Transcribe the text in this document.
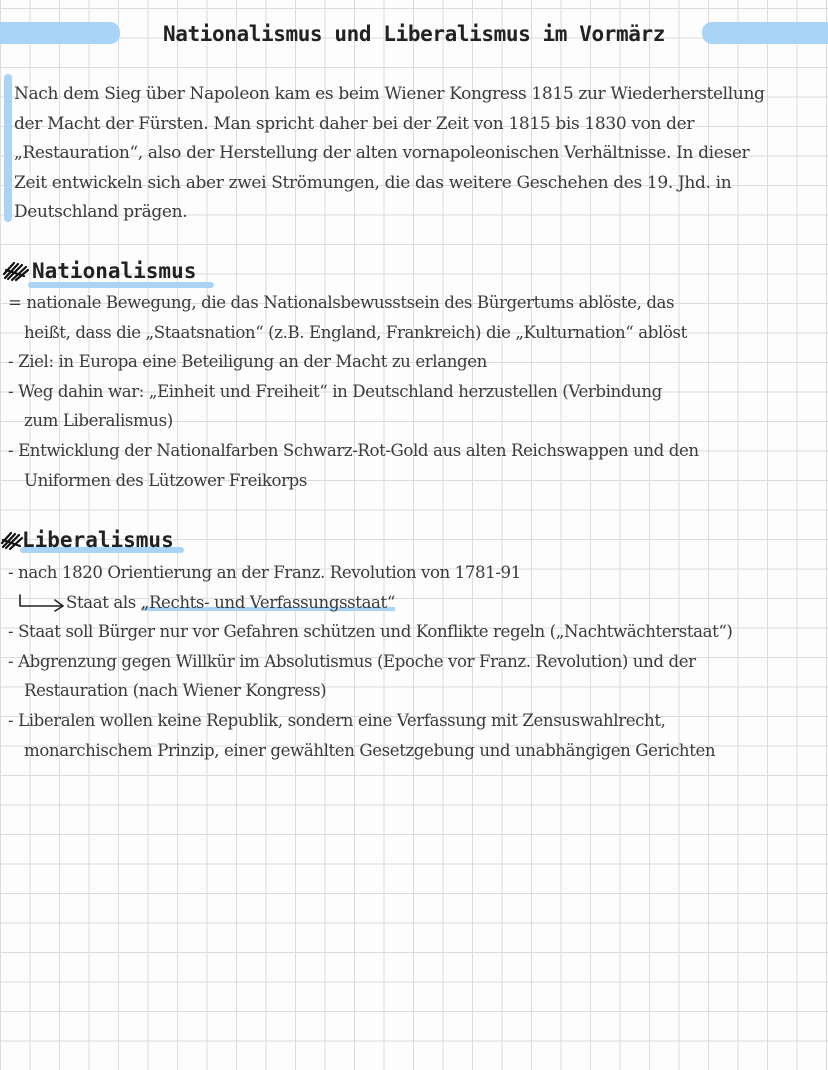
Nationalismus und Liberalismus im Vormärz

Nach dem Sieg über Napoleon kam es beim Wiener Kongress 1815 zur Wiederherstellung

der Macht der Fürsten. Man spricht daher bei der Zeit von 1815 bis 1830 von der

„Restauration“, also der Herstellung der alten vornapoleonischen Verhältnisse. In dieser

Zeit entwickeln sich aber zwei Strömungen, die das weitere Geschehen des 19. Jhd. in

Deutschland prägen.

Nationalismus
= nationale Bewegung, die das Nationalsbewusstsein des Bürgertums ablöste, das
heißt, dass die „Staatsnation“ (z.B. England, Frankreich) die „Kulturnation“ ablöst
- Ziel: in Europa eine Beteiligung an der Macht zu erlangen
- Weg dahin war: „Einheit und Freiheit“ in Deutschland herzustellen (Verbindung
zum Liberalismus)
- Entwicklung der Nationalfarben Schwarz-Rot-Gold aus alten Reichswappen und den
Uniformen des Lützower Freikorps
Liberalismus
- nach 1820 Orientierung an der Franz. Revolution von 1781-91
Staat als „Rechts- und Verfassungsstaat“
- Staat soll Bürger nur vor Gefahren schützen und Konflikte regeln („Nachtwächterstaat“)
- Abgrenzung gegen Willkür im Absolutismus (Epoche vor Franz. Revolution) und der
Restauration (nach Wiener Kongress)
- Liberalen wollen keine Republik, sondern eine Verfassung mit Zensuswahlrecht,
monarchischem Prinzip, einer gewählten Gesetzgebung und unabhängigen Gerichten
